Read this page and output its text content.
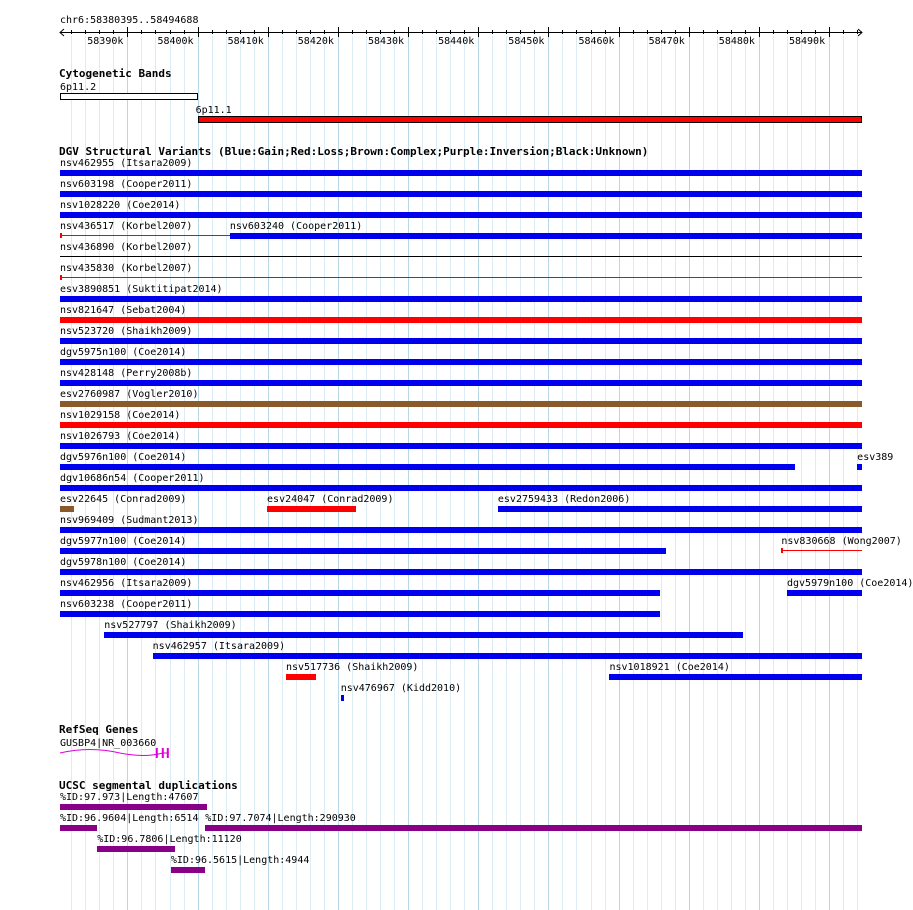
chr6:58380395..58494688
58390k	58400k	58410k	58420k	58430k	58440k	58450k	58460k	58470k	58480k	58490k
Cytogenetic Bands
DGV Structural Variants (Blue:Gain;Red:Loss;Brown:Complex;Purple:Inversion;Black:Unknown)
RefSeq Genes
UCSC segmental duplications
6p11.2
6p11.1
nsv462955 (Itsara2009)
nsv603198 (Cooper2011)
nsv1028220 (Coe2014)
nsv436517 (Korbel2007)	nsv603240 (Cooper2011)
nsv436890 (Korbel2007)
nsv435830 (Korbel2007)
esv3890851 (Suktitipat2014)
nsv821647 (Sebat2004)
nsv523720 (Shaikh2009)
dgv5975n100 (Coe2014)
nsv428148 (Perry2008b)
esv2760987 (Vogler2010)
nsv1029158 (Coe2014)
nsv1026793 (Coe2014)
dgv5976n100 (Coe2014)	esv389
dgv10686n54 (Cooper2011)
esv22645 (Conrad2009)	esv24047 (Conrad2009)	esv2759433 (Redon2006)
nsv969409 (Sudmant2013)
dgv5977n100 (Coe2014)	nsv830668 (Wong2007)
dgv5978n100 (Coe2014)
nsv462956 (Itsara2009)	dgv5979n100 (Coe2014)
nsv603238 (Cooper2011)
nsv527797 (Shaikh2009)
nsv462957 (Itsara2009)
nsv517736 (Shaikh2009)	nsv1018921 (Coe2014)
nsv476967 (Kidd2010)
GUSBP4|NR_003660
%ID:97.973|Length:47607
%ID:96.9604|Length:6514 %ID:97.7074|Length:290930
%ID:96.7806|Length:11120
%ID:96.5615|Length:4944
